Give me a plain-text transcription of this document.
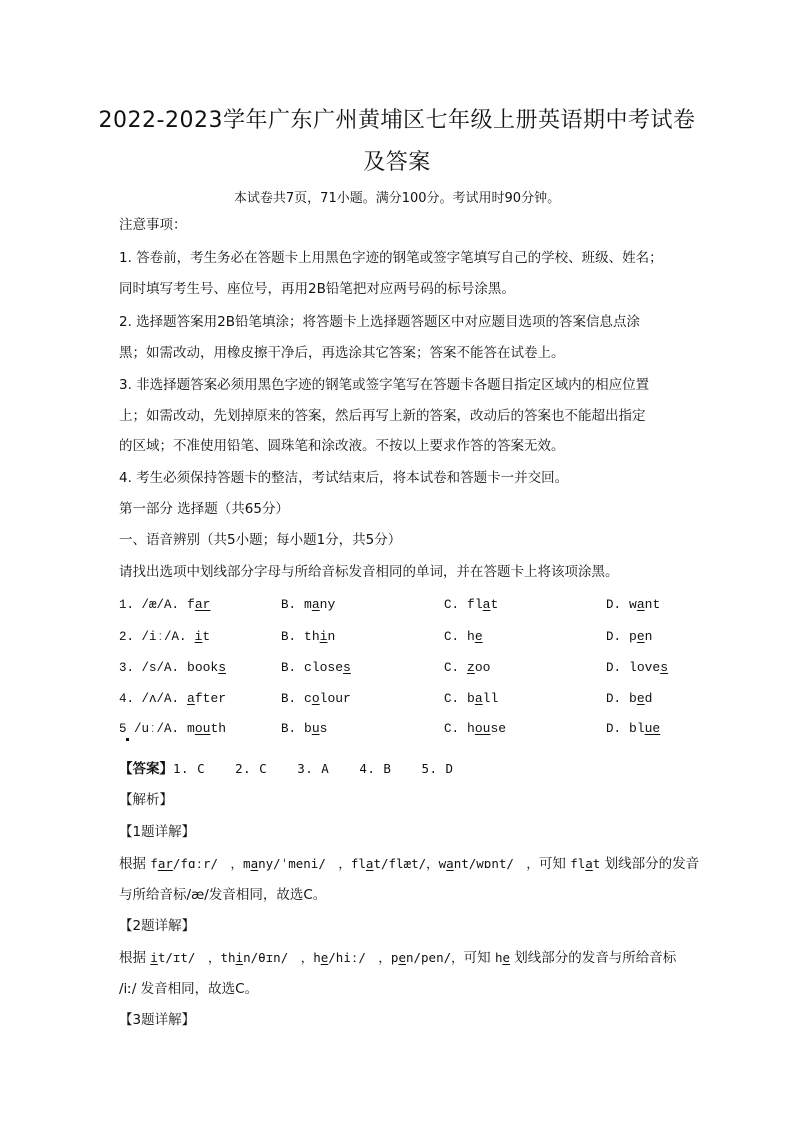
2022-2023学年广东广州黄埔区七年级上册英语期中考试卷
及答案
本试卷共7页，71小题。满分100分。考试用时90分钟。
注意事项：
1. 答卷前，考生务必在答题卡上用黑色字迹的钢笔或签字笔填写自己的学校、班级、姓名；
同时填写考生号、座位号，再用2B铅笔把对应两号码的标号涂黑。
2. 选择题答案用2B铅笔填涂；将答题卡上选择题答题区中对应题目选项的答案信息点涂
黑；如需改动，用橡皮擦干净后，再选涂其它答案；答案不能答在试卷上。
3. 非选择题答案必须用黑色字迹的钢笔或签字笔写在答题卡各题目指定区域内的相应位置
上；如需改动，先划掉原来的答案，然后再写上新的答案，改动后的答案也不能超出指定
的区域；不准使用铅笔、圆珠笔和涂改液。不按以上要求作答的答案无效。
4. 考生必须保持答题卡的整洁，考试结束后，将本试卷和答题卡一并交回。
第一部分 选择题（共65分）
一、语音辨别（共5小题；每小题1分，共5分）
请找出选项中划线部分字母与所给音标发音相同的单词，并在答题卡上将该项涂黑。
1. /æ/A. far	B. many	C. flat	D. want
2. /iː/A. it	B. thin	C. he	D. pen
3. /s/A. books	B. closes	C. zoo	D. loves
4. /ʌ/A. after	B. colour	C. ball	D. bed
5 /uː/A. mouth	B. bus	C. house	D. blue
【答案】1. C 2. C 3. A 4. B 5. D
【解析】
【1题详解】
根据 far/fɑːr/　，many/ˈmeni/　，flat/flæt/，want/wɒnt/　，可知 flat 划线部分的发音
与所给音标/æ/发音相同，故选C。
【2题详解】
根据 it/ɪt/　，thin/θɪn/　，he/hiː/　，pen/pen/，可知 he 划线部分的发音与所给音标
/iː/ 发音相同，故选C。
【3题详解】
